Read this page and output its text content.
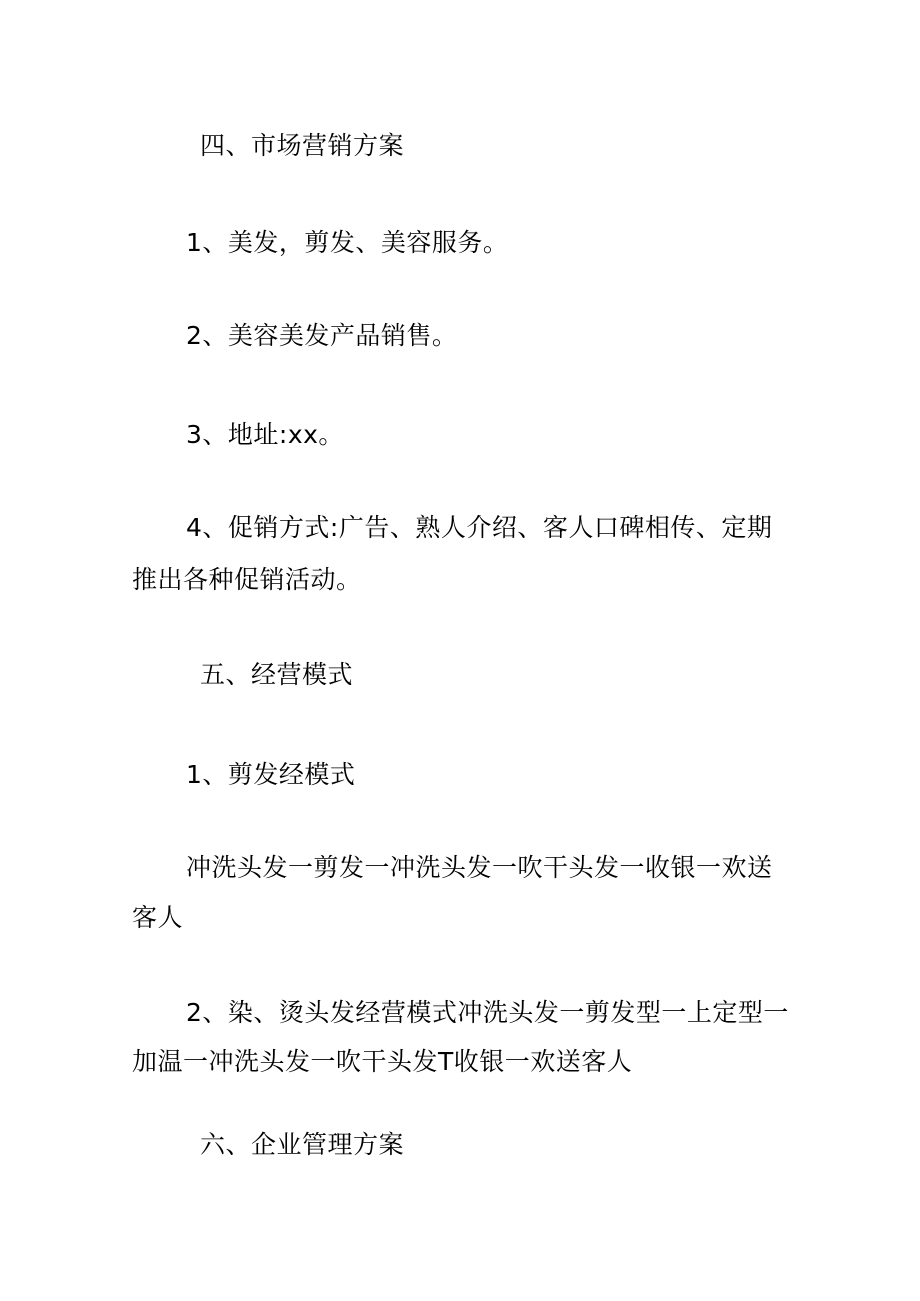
四、市场营销方案
1、美发，剪发、美容服务。
2、美容美发产品销售。
3、地址:xx。
4、促销方式:广告、熟人介绍、客人口碑相传、定期
推出各种促销活动。
五、经营模式
1、剪发经模式
冲洗头发一剪发一冲洗头发一吹干头发一收银一欢送
客人
2、染、烫头发经营模式冲洗头发一剪发型一上定型一
加温一冲洗头发一吹干头发T收银一欢送客人
六、企业管理方案
